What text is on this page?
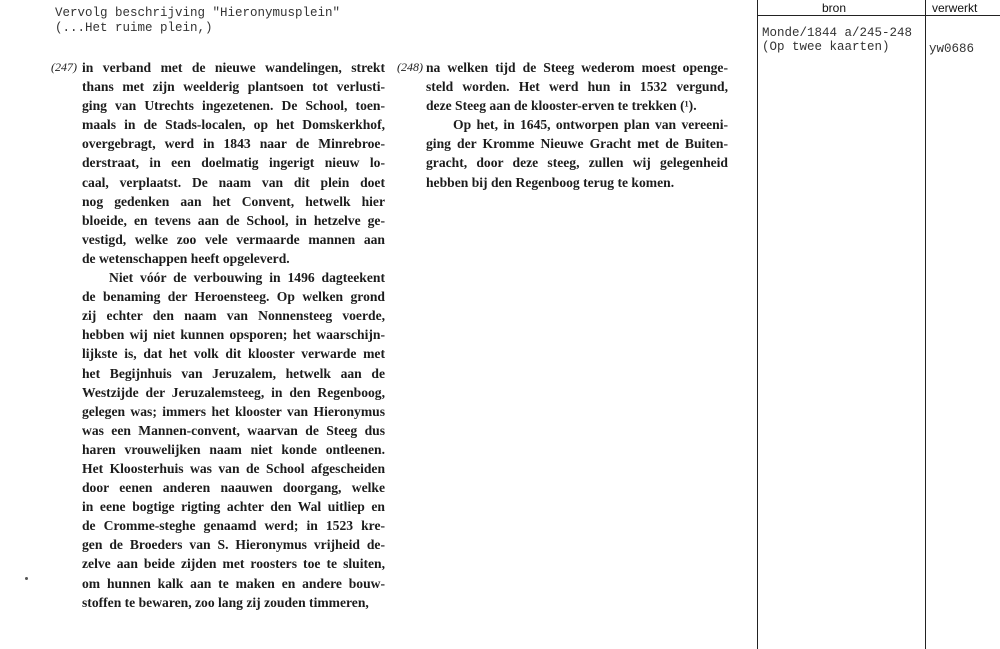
Vervolg beschrijving "Hieronymusplein"
(...Het ruime plein,)
bron	verwerkt
Monde/1844 a/245-248
(Op twee kaarten)	yw0686
(247) in verband met de nieuwe wandelingen, strekt
thans met zijn weelderig plantsoen tot verlusti-
ging van Utrechts ingezetenen. De School, toen-
maals in de Stads-localen, op het Domskerkhof,
overgebragt, werd in 1843 naar de Minrebroe-
derstraat, in een doelmatig ingerigt nieuw lo-
caal, verplaatst. De naam van dit plein doet
nog gedenken aan het Convent, hetwelk hier
bloeide, en tevens aan de School, in hetzelve ge-
vestigd, welke zoo vele vermaarde mannen aan
de wetenschappen heeft opgeleverd.
Niet vóór de verbouwing in 1496 dagteekent
de benaming der Heroensteeg. Op welken grond
zij echter den naam van Nonnensteeg voerde,
hebben wij niet kunnen opsporen; het waarschijn-
lijkste is, dat het volk dit klooster verwarde met
het Begijnhuis van Jeruzalem, hetwelk aan de
Westzijde der Jeruzalemsteeg, in den Regenboog,
gelegen was; immers het klooster van Hieronymus
was een Mannen-convent, waarvan de Steeg dus
haren vrouwelijken naam niet konde ontleenen.
Het Kloosterhuis was van de School afgescheiden
door eenen anderen naauwen doorgang, welke
in eene bogtige rigting achter den Wal uitliep en
de Cromme-steghe genaamd werd; in 1523 kre-
gen de Broeders van S. Hieronymus vrijheid de-
zelve aan beide zijden met roosters toe te sluiten,
om hunnen kalk aan te maken en andere bouw-
stoffen te bewaren, zoo lang zij zouden timmeren,
(248) na welken tijd de Steeg wederom moest openge-
steld worden. Het werd hun in 1532 vergund,
deze Steeg aan de klooster-erven te trekken (¹).
Op het, in 1645, ontworpen plan van vereeni-
ging der Kromme Nieuwe Gracht met de Buiten-
gracht, door deze steeg, zullen wij gelegenheid
hebben bij den Regenboog terug te komen.
